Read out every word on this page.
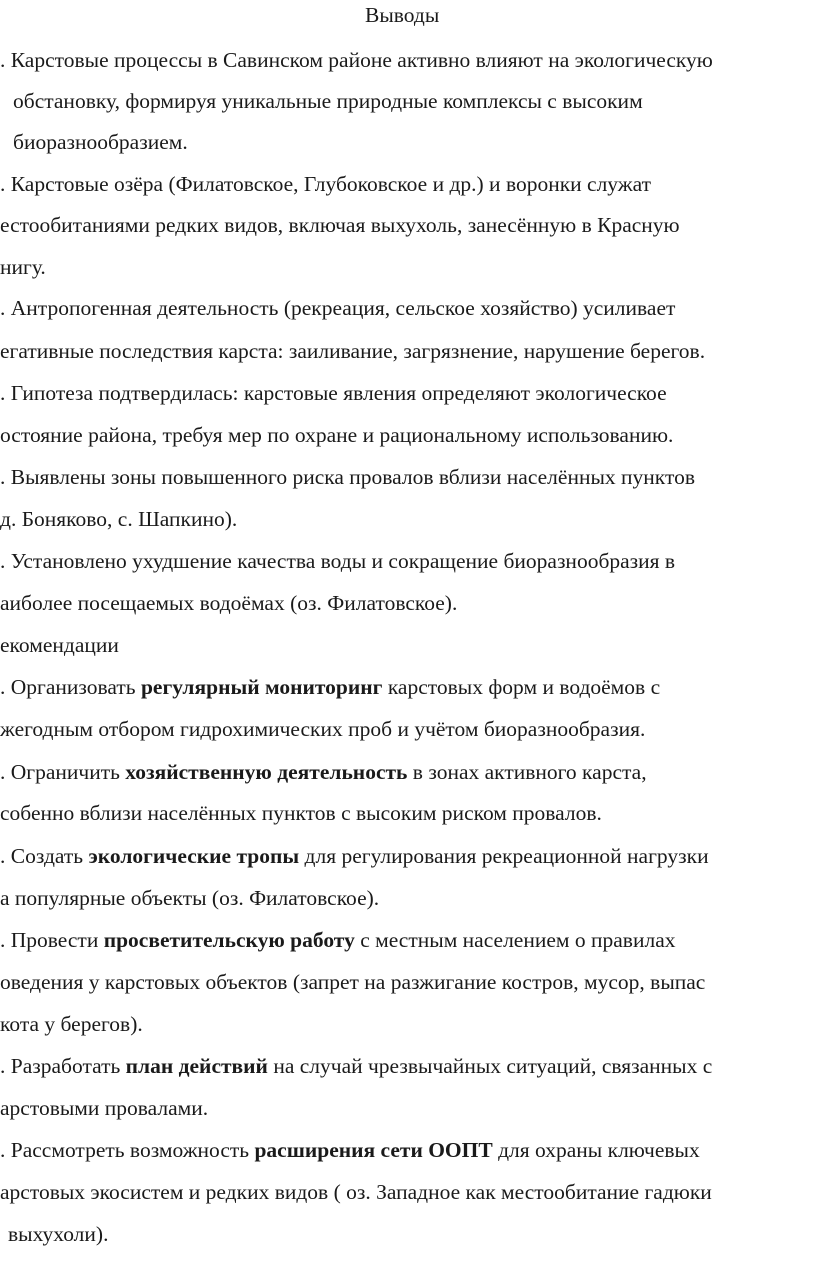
Выводы
. Карстовые процессы в Савинском районе активно влияют на экологическую
обстановку, формируя уникальные природные комплексы с высоким
биоразнообразием.
. Карстовые озёра (Филатовское, Глубоковское и др.) и воронки служат
естообитаниями редких видов, включая выхухоль, занесённую в Красную
нигу.
. Антропогенная деятельность (рекреация, сельское хозяйство) усиливает
егативные последствия карста: заиливание, загрязнение, нарушение берегов.
. Гипотеза подтвердилась: карстовые явления определяют экологическое
остояние района, требуя мер по охране и рациональному использованию.
. Выявлены зоны повышенного риска провалов вблизи населённых пунктов
д. Боняково, с. Шапкино).
. Установлено ухудшение качества воды и сокращение биоразнообразия в
аиболее посещаемых водоёмах (оз. Филатовское).
екомендации
. Организовать регулярный мониторинг карстовых форм и водоёмов с
жегодным отбором гидрохимических проб и учётом биоразнообразия.
. Ограничить хозяйственную деятельность в зонах активного карста,
собенно вблизи населённых пунктов с высоким риском провалов.
. Создать экологические тропы для регулирования рекреационной нагрузки
а популярные объекты (оз. Филатовское).
. Провести просветительскую работу с местным населением о правилах
оведения у карстовых объектов (запрет на разжигание костров, мусор, выпас
кота у берегов).
. Разработать план действий на случай чрезвычайных ситуаций, связанных с
арстовыми провалами.
. Рассмотреть возможность расширения сети ООПТ для охраны ключевых
арстовых экосистем и редких видов ( оз. Западное как местообитание гадюки
выхухоли).
